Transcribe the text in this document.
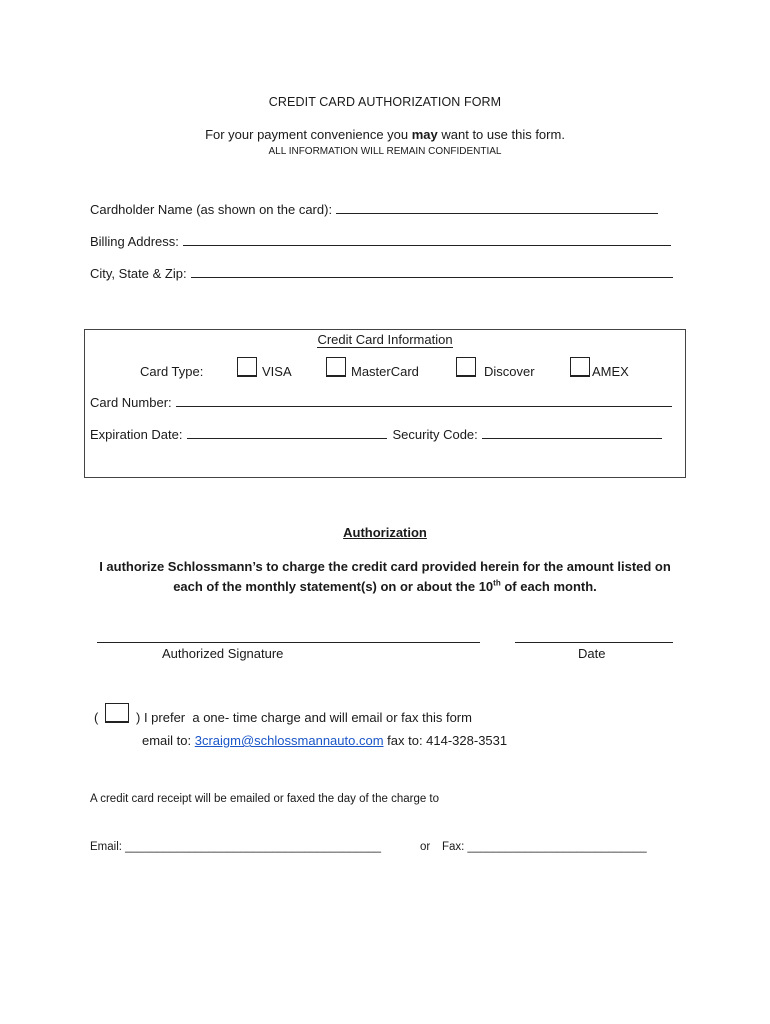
CREDIT CARD AUTHORIZATION FORM
For your payment convenience you may want to use this form.
ALL INFORMATION WILL REMAIN CONFIDENTIAL
Cardholder Name (as shown on the card):
Billing Address:
City, State & Zip:
Credit Card Information
Card Type:	VISA	MasterCard	Discover	AMEX
Card Number:
Expiration Date:	Security Code:
Authorization
I authorize Schlossmann’s to charge the credit card provided herein for the amount listed on
each of the monthly statement(s) on or about the 10th of each month.
Authorized Signature	Date
(	) I prefer  a one- time charge and will email or fax this form
email to: 3craigm@schlossmannauto.com fax to: 414-328-3531
A credit card receipt will be emailed or faxed the day of the charge to
Email: ________________________________________	or Fax: ____________________________
